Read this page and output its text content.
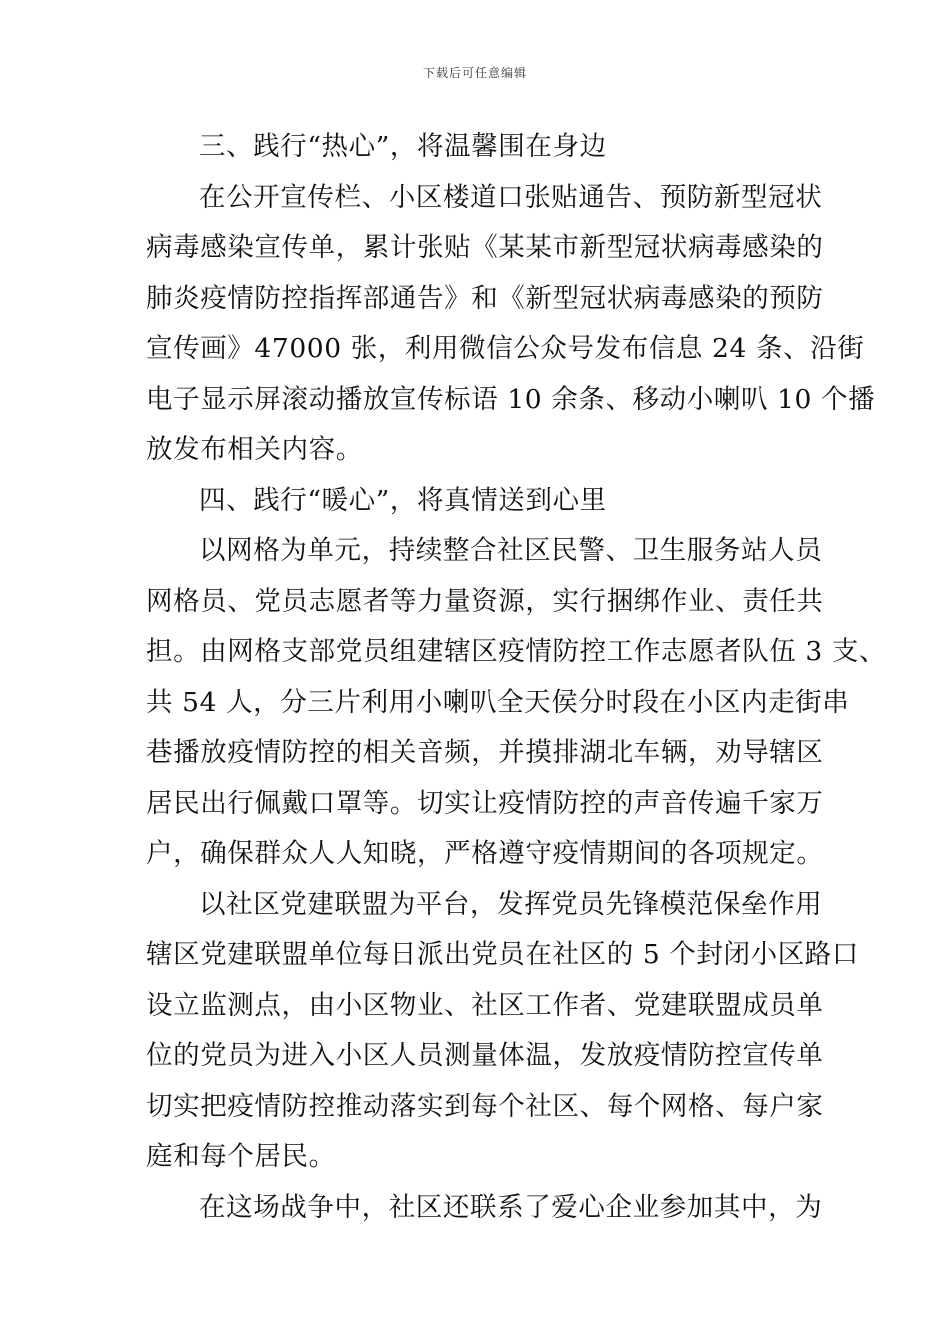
下载后可任意编辑
三、践行“热心”，将温馨围在身边
在公开宣传栏、小区楼道口张贴通告、预防新型冠状
病毒感染宣传单，累计张贴《某某市新型冠状病毒感染的
肺炎疫情防控指挥部通告》和《新型冠状病毒感染的预防
宣传画》47000 张，利用微信公众号发布信息 24 条、沿街
电子显示屏滚动播放宣传标语 10 余条、移动小喇叭 10 个播
放发布相关内容。
四、践行“暖心”，将真情送到心里
以网格为单元，持续整合社区民警、卫生服务站人员
网格员、党员志愿者等力量资源，实行捆绑作业、责任共
担。由网格支部党员组建辖区疫情防控工作志愿者队伍 3 支、
共 54 人，分三片利用小喇叭全天侯分时段在小区内走街串
巷播放疫情防控的相关音频，并摸排湖北车辆，劝导辖区
居民出行佩戴口罩等。切实让疫情防控的声音传遍千家万
户，确保群众人人知晓，严格遵守疫情期间的各项规定。
以社区党建联盟为平台，发挥党员先锋模范保垒作用
辖区党建联盟单位每日派出党员在社区的 5 个封闭小区路口
设立监测点，由小区物业、社区工作者、党建联盟成员单
位的党员为进入小区人员测量体温，发放疫情防控宣传单
切实把疫情防控推动落实到每个社区、每个网格、每户家
庭和每个居民。
在这场战争中，社区还联系了爱心企业参加其中，为
